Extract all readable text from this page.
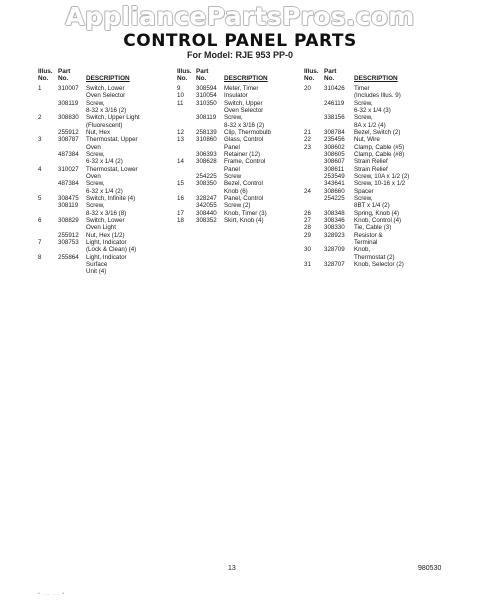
AppliancePartsPros.com
CONTROL PANEL PARTS
For Model: RJE 953 PP-0
Illus.
No.
Part
No.	DESCRIPTION
1	310007	Switch, Lower
Oven Selector
308119	Screw,
8-32 x 3/16 (2)
2	308830	Switch, Upper Light
(Fluorescent)
255912	Nut, Hex
3	308787	Thermostat, Upper
Oven
487384	Screw,
6-32 x 1/4 (2)
4	310027	Thermostat, Lower
Oven
487384	Screw,
6-32 x 1/4 (2)
5	308475	Switch, Infinite (4)
308119	Screw,
8-32 x 3/16 (8)
6	308829	Switch, Lower
Oven Light
255912	Nut, Hex (1/2)
7	308753	Light, Indicator
(Lock & Clean) (4)
8	255864	Light, Indicator
Surface
Unit (4)
Illus.
No.
Part
No.	DESCRIPTION
9	308594	Meter, Timer
10	310054	Insulator
11	310350	Switch, Upper
Oven Selector
308119	Screw,
8-32 x 3/16 (2)
12	258139	Clip, Thermobulb
13	310860	Glass, Control
Panel
306393	Retainer (12)
14	308628	Frame, Control
Panel
254225	Screw
15	308350	Bezel, Control
Knob (6)
16	328247	Panel, Control
342055	Screw (2)
17	308440	Knob, Timer (3)
18	308352	Skirt, Knob (4)
Illus.
No.
Part
No.	DESCRIPTION
20	310426	Timer
(Includes Illus. 9)
246119	Screw,
6-32 x 1/4 (3)
338156	Screw,
8A x 1/2 (4)
21	308784	Bezel, Switch (2)
22	235456	Nut, Wire
23	308602	Clamp, Cable (#5)
308605	Clamp, Cable (#8)
308607	Strain Relief
308611	Strain Relief
253549	Screw, 10A x 1/2 (2)
343641	Screw, 10-16 x 1/2
24	308660	Spacer
254225	Screw,
8BT x 1/4 (2)
26	308348	Spring, Knob (4)
27	308346	Knob, Control (4)
28	308330	Tie, Cable (3)
29	328923	Resistor &
Terminal
30	328709	Knob,
Thermostat (2)
31	328707	Knob, Selector (2)
13	980530
• ... ... •
